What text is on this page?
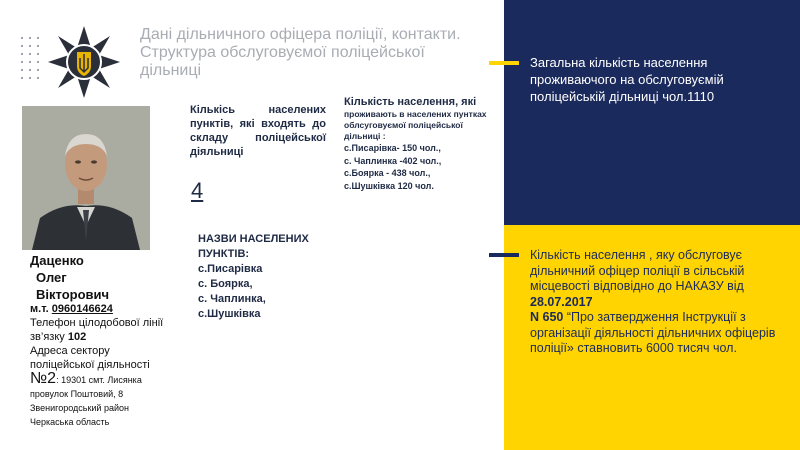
Дані дільничного офіцера поліції, контакти. Структура обслуговуємої поліцейської дільниці
Даценко
Олег
Вікторович
м.т. 0960146624
Телефон цілодобової лінії зв’язку 102
Адреса сектору поліцейської діяльності
№2: 19301 смт. Лисянка провулок Поштовий, 8 Звенигородський район Черкаська область
Кількісь населених пунктів, які входять до складу поліцейської діяльниці
4
Кількість населення, які
проживають в населених пунтках облсуговуємої поліцейської дільниці :
с.Писарівка- 150 чол.,
с. Чаплинка -402 чол.,
с.Боярка - 438 чол.,
с.Шушківка 120 чол.
НАЗВИ НАСЕЛЕНИХ ПУНКТІВ:
с.Писарівка
с. Боярка,
с. Чаплинка,
с.Шушківка
Загальна кількість населення проживаючого на обслуговуємій поліцейській дільниці чол.1110
Кількість населення , яку обслуговує дільничний офіцер поліції в сільській місцевості відповідно до НАКАЗУ від 28.07.2017
N 650 “Про затвердження Інструкції з організації діяльності дільничних офіцерів поліції» ставновить 6000 тисяч чол.
